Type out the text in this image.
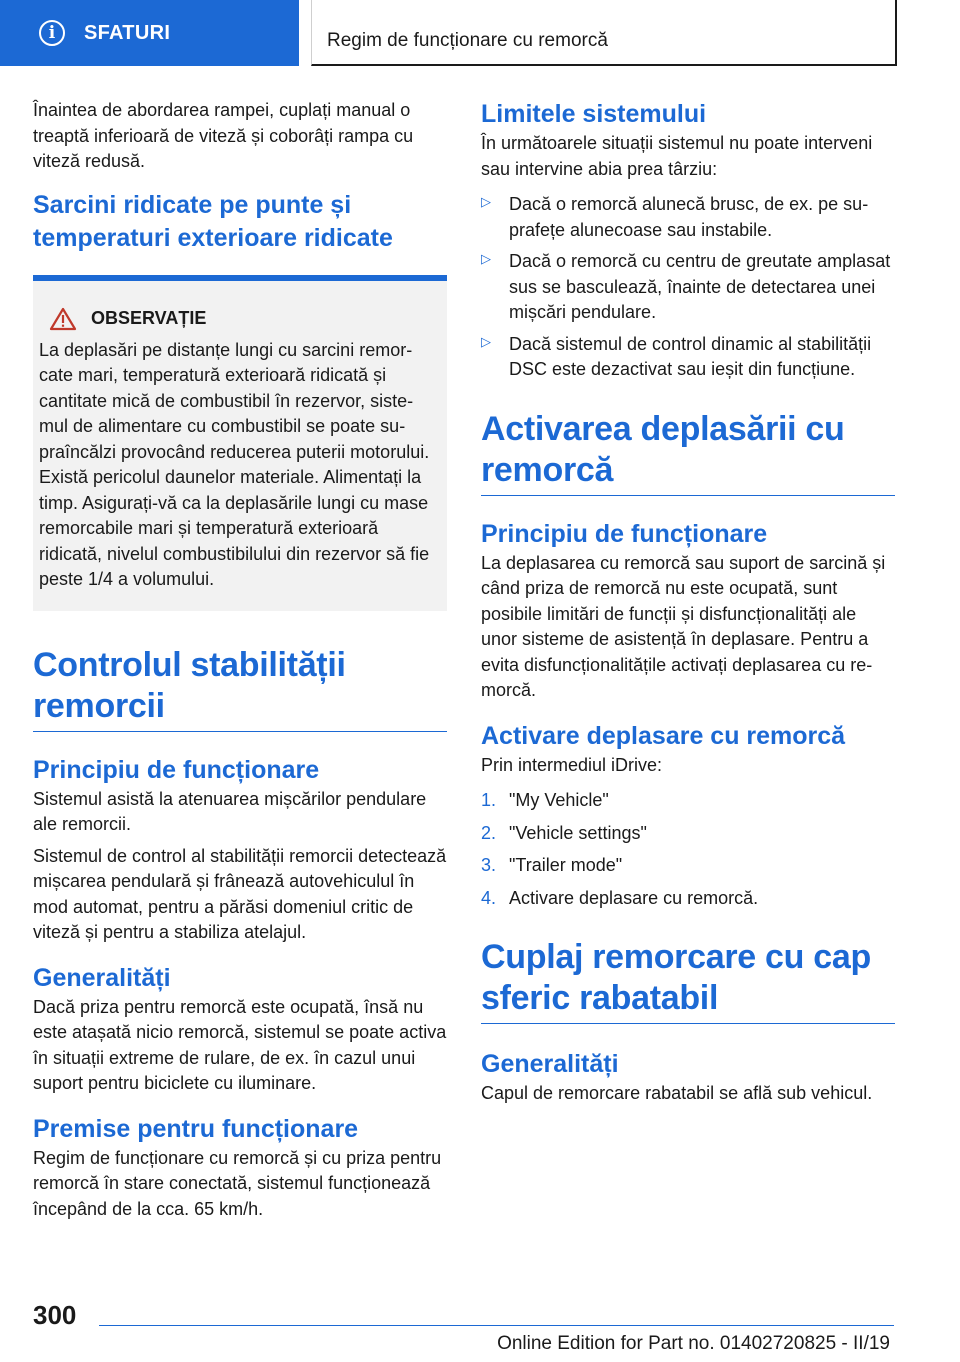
i	SFATURI	Regim de funcționare cu remorcă

Înaintea de abordarea rampei, cuplați manual o treaptă inferioară de viteză și coborâți rampa cu viteză redusă.

Sarcini ridicate pe punte și temperaturi exterioare ridicate
OBSERVAȚIE

La deplasări pe distanțe lungi cu sarcini remorcate mari, temperatură exterioară ridicată și cantitate mică de combustibil în rezervor, sistemul de alimentare cu combustibil se poate supraîncălzi provocând reducerea puterii motorului. Există pericolul daunelor materiale. Alimentați la timp. Asigurați-vă ca la deplasările lungi cu mase remorcabile mari și temperatură exterioară ridicată, nivelul combustibilului din rezervor să fie peste 1/4 a volumului.

Controlul stabilității remorcii
Principiu de funcționare

Sistemul asistă la atenuarea mișcărilor pendulare ale remorcii.

Sistemul de control al stabilității remorcii detectează mișcarea pendulară și frânează autovehiculul în mod automat, pentru a părăsi domeniul critic de viteză și pentru a stabiliza atelajul.

Generalități

Dacă priza pentru remorcă este ocupată, însă nu este atașată nicio remorcă, sistemul se poate activa în situații extreme de rulare, de ex. în cazul unui suport pentru biciclete cu iluminare.

Premise pentru funcționare

Regim de funcționare cu remorcă și cu priza pentru remorcă în stare conectată, sistemul funcționează începând de la cca. 65 km/h.

Limitele sistemului

În următoarele situații sistemul nu poate interveni sau intervine abia prea târziu:

▷	Dacă o remorcă alunecă brusc, de ex. pe suprafețe alunecoase sau instabile.
▷	Dacă o remorcă cu centru de greutate amplasat sus se basculează, înainte de detectarea unei mișcări pendulare.
▷	Dacă sistemul de control dinamic al stabilității DSC este dezactivat sau ieșit din funcțiune.
Activarea deplasării cu remorcă
Principiu de funcționare

La deplasarea cu remorcă sau suport de sarcină și când priza de remorcă nu este ocupată, sunt posibile limitări de funcții și disfuncționalități ale unor sisteme de asistență în deplasare. Pentru a evita disfuncționalitățile activați deplasarea cu remorcă.

Activare deplasare cu remorcă

Prin intermediul iDrive:

1. "My Vehicle"
2. "Vehicle settings"
3. "Trailer mode"
4. Activare deplasare cu remorcă.
Cuplaj remorcare cu cap sferic rabatabil
Generalități

Capul de remorcare rabatabil se află sub vehicul.

300
Online Edition for Part no. 01402720825 - II/19
